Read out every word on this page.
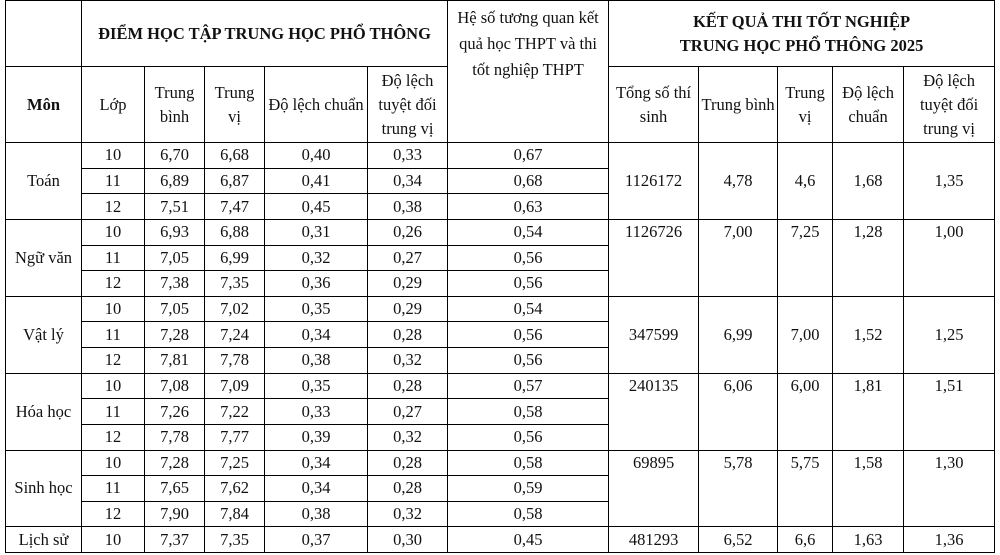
	ĐIỂM HỌC TẬP TRUNG HỌC PHỔ THÔNG					Hệ số tương quan kết quả học THPT và thi tốt nghiệp THPT	KẾT QUẢ THI TỐT NGHIỆP
TRUNG HỌC PHỔ THÔNG 2025				

Môn	Lớp	Trung bình	Trung vị	Độ lệch chuẩn	Độ lệch tuyệt đối trung vị		Tổng số thí sinh	Trung bình	Trung vị	Độ lệch chuẩn	Độ lệch tuyệt đối trung vị
Toán	10	6,70	6,68	0,40	0,33	0,67	1126172	4,78	4,6	1,68	1,35
	11	6,89	6,87	0,41	0,34	0,68					
	12	7,51	7,47	0,45	0,38	0,63					
Ngữ văn	10	6,93	6,88	0,31	0,26	0,54	1126726	7,00	7,25	1,28	1,00
	11	7,05	6,99	0,32	0,27	0,56					
	12	7,38	7,35	0,36	0,29	0,56					
Vật lý	10	7,05	7,02	0,35	0,29	0,54	347599	6,99	7,00	1,52	1,25
	11	7,28	7,24	0,34	0,28	0,56					
	12	7,81	7,78	0,38	0,32	0,56					
Hóa học	10	7,08	7,09	0,35	0,28	0,57	240135	6,06	6,00	1,81	1,51
	11	7,26	7,22	0,33	0,27	0,58					
	12	7,78	7,77	0,39	0,32	0,56					
Sinh học	10	7,28	7,25	0,34	0,28	0,58	69895	5,78	5,75	1,58	1,30
	11	7,65	7,62	0,34	0,28	0,59					
	12	7,90	7,84	0,38	0,32	0,58					
Lịch sử	10	7,37	7,35	0,37	0,30	0,45	481293	6,52	6,6	1,63	1,36
